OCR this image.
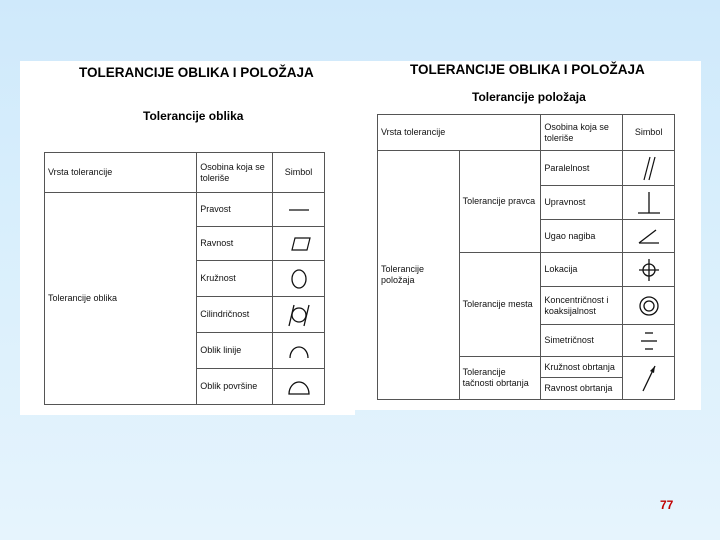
TOLERANCIJE OBLIKA I POLOŽAJA
Tolerancije oblika
Vrsta tolerancije	Osobina koja se toleriše	Simbol
Tolerancije oblika	Pravost	

	Ravnost	

	Kružnost	

	Cilindričnost	

	Oblik linije	

	Oblik površine	
TOLERANCIJE OBLIKA I POLOŽAJA
Tolerancije položaja
Vrsta tolerancije		Osobina koja se toleriše	Simbol
Tolerancije položaja	Tolerancije pravca	Paralelnost	

		Upravnost	

		Ugao nagiba	

	Tolerancije mesta	Lokacija	

		Koncentričnost i koaksijalnost	

		Simetričnost	

	Tolerancije tačnosti obrtanja	Kružnost obrtanja	

		Ravnost obrtanja	
77
